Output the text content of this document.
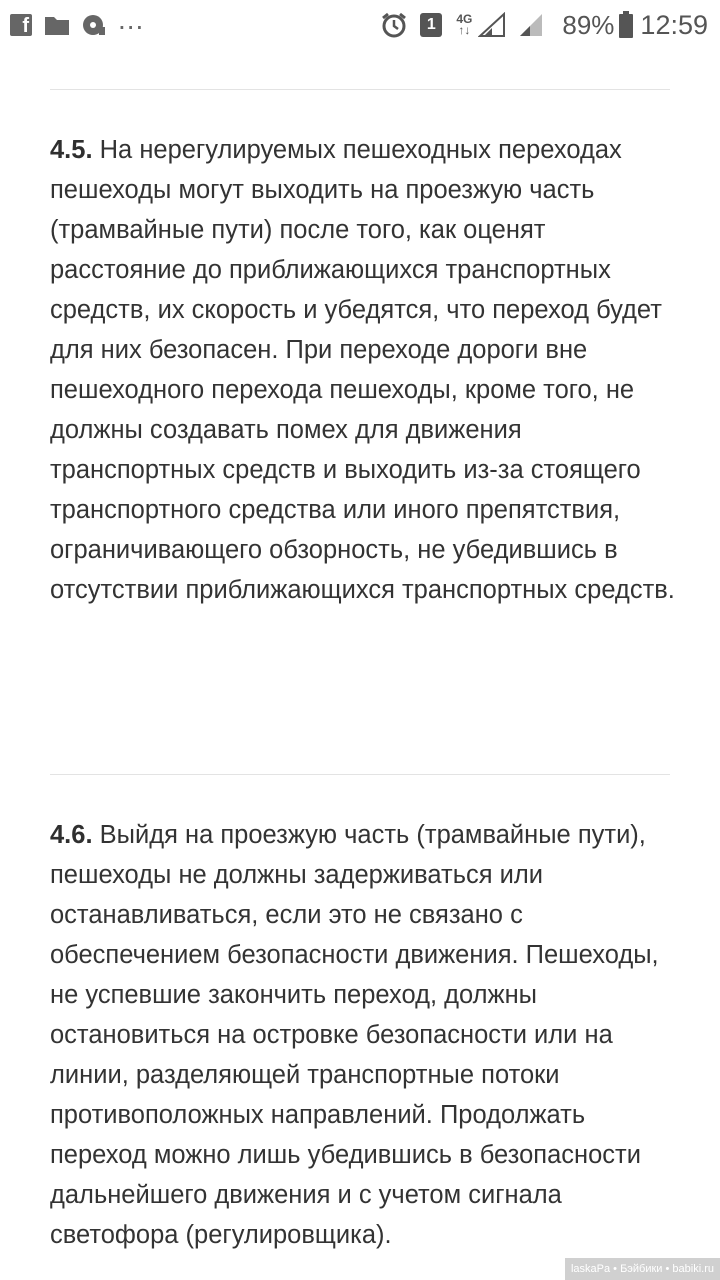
f
...	1	4G
↑↓	89% 12:59

4.5. На нерегулируемых пешеходных переходах пешеходы могут выходить на проезжую часть (трамвайные пути) после того, как оценят расстояние до приближающихся транспортных средств, их скорость и убедятся, что переход будет для них безопасен. При переходе дороги вне пешеходного перехода пешеходы, кроме того, не должны создавать помех для движения транспортных средств и выходить из-за стоящего транспортного средства или иного препятствия, ограничивающего обзорность, не убедившись в отсутствии приближающихся транспортных средств.

4.6. Выйдя на проезжую часть (трамвайные пути), пешеходы не должны задерживаться или останавливаться, если это не связано с обеспечением безопасности движения. Пешеходы, не успевшие закончить переход, должны остановиться на островке безопасности или на линии, разделяющей транспортные потоки противоположных направлений. Продолжать переход можно лишь убедившись в безопасности дальнейшего движения и с учетом сигнала светофора (регулировщика).

laskaPa • Бэйбики • babiki.ru
